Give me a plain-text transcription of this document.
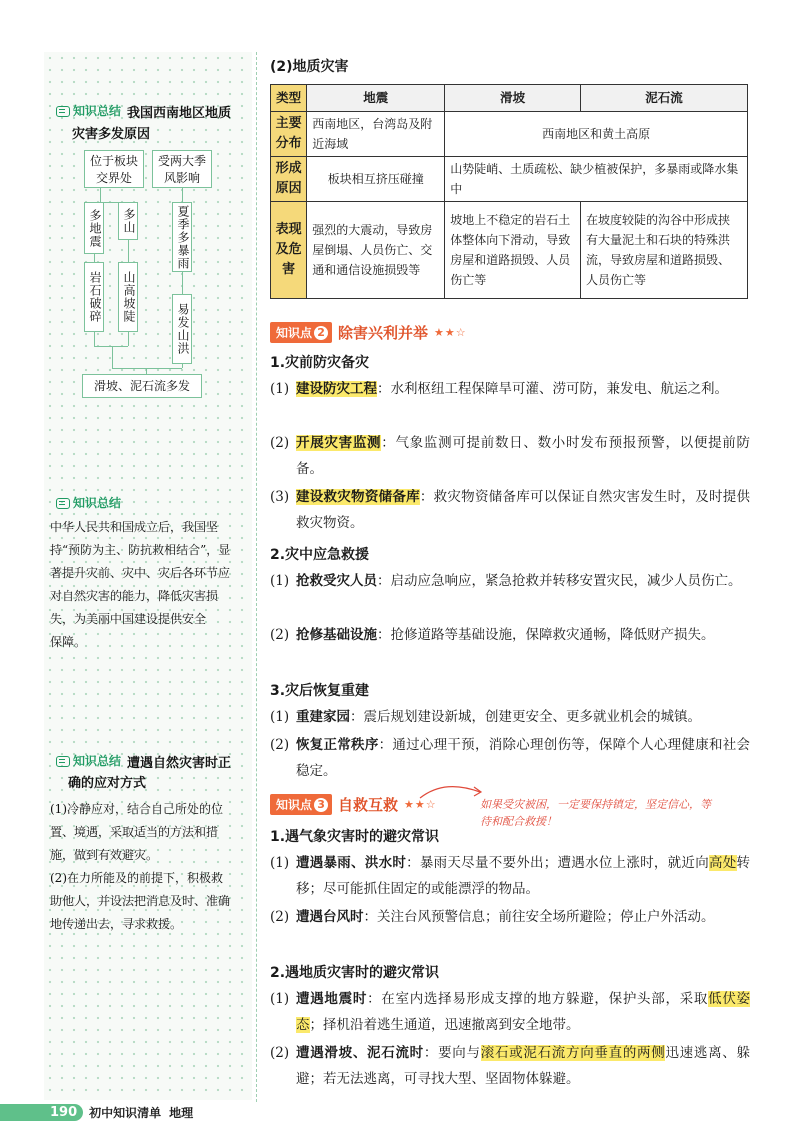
知识总结 我国西南地区地质
灾害多发原因
位于板块交界处
受两大季风影响
多地震	多山	夏季多暴雨
岩石破碎	山高坡陡
易发山洪
滑坡、泥石流多发
知识总结
中华人民共和国成立后，我国坚
持“预防为主、防抗救相结合”，显
著提升灾前、灾中、灾后各环节应
对自然灾害的能力，降低灾害损
失，为美丽中国建设提供安全
保障。
知识总结 遭遇自然灾害时正
确的应对方式
(1)冷静应对，结合自己所处的位
置、境遇，采取适当的方法和措
施，做到有效避灾。
(2)在力所能及的前提下，积极救
助他人，并设法把消息及时、准确
地传递出去，寻求救援。
(2)地质灾害
类型	地震	滑坡	泥石流
主要分布	西南地区，台湾岛及附近海域	西南地区和黄土高原	
形成原因	板块相互挤压碰撞	山势陡峭、土质疏松、缺少植被保护，多暴雨或降水集中	
表现及危害	强烈的大震动，导致房屋倒塌、人员伤亡、交通和通信设施损毁等	坡地上不稳定的岩石土体整体向下滑动，导致房屋和道路损毁、人员伤亡等	在坡度较陡的沟谷中形成挟有大量泥土和石块的特殊洪流，导致房屋和道路损毁、人员伤亡等
知识点 2 除害兴利并举 ★★☆
1.灾前防灾备灾
(1) 建设防灾工程：水利枢纽工程保障旱可灌、涝可防，兼发电、航运之利。
(2) 开展灾害监测：气象监测可提前数日、数小时发布预报预警，以便提前防备。
(3) 建设救灾物资储备库：救灾物资储备库可以保证自然灾害发生时，及时提供救灾物资。
2.灾中应急救援
(1) 抢救受灾人员：启动应急响应，紧急抢救并转移安置灾民，减少人员伤亡。
(2) 抢修基础设施：抢修道路等基础设施，保障救灾通畅，降低财产损失。
3.灾后恢复重建
(1) 重建家园：震后规划建设新城，创建更安全、更多就业机会的城镇。
(2) 恢复正常秩序：通过心理干预，消除心理创伤等，保障个人心理健康和社会稳定。
知识点 3 自救互救 ★★☆	如果受灾被困，一定要保持镇定，坚定信心，等待和配合救援！
1.遇气象灾害时的避灾常识
(1) 遭遇暴雨、洪水时：暴雨天尽量不要外出；遭遇水位上涨时，就近向高处转移；尽可能抓住固定的或能漂浮的物品。
(2) 遭遇台风时：关注台风预警信息；前往安全场所避险；停止户外活动。
2.遇地质灾害时的避灾常识
(1) 遭遇地震时：在室内选择易形成支撑的地方躲避，保护头部，采取低伏姿态；择机沿着逃生通道，迅速撤离到安全地带。
(2) 遭遇滑坡、泥石流时：要向与滚石或泥石流方向垂直的两侧迅速逃离、躲避；若无法逃离，可寻找大型、坚固物体躲避。
190	初中知识清单 地理
